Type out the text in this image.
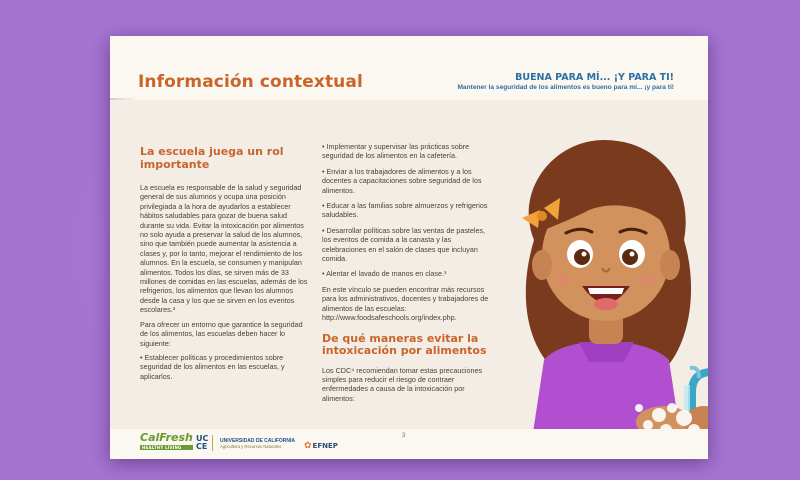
Información contextual	BUENA PARA MÍ... ¡Y PARA TI!
Mantener la seguridad de los alimentos es bueno para mí... ¡y para ti!
La escuela juega un rol importante

La escuela es responsable de la salud y seguridad general de sus alumnos y ocupa una posición privilegiada a la hora de ayudarlos a establecer hábitos saludables para gozar de buena salud durante su vida. Evitar la intoxicación por alimentos no solo ayuda a preservar la salud de los alumnos, sino que también puede aumentar la asistencia a clases y, por lo tanto, mejorar el rendimiento de los alumnos. En la escuela, se consumen y manipulan alimentos. Todos los días, se sirven más de 33 millones de comidas en las escuelas, además de los refrigerios, los alimentos que llevan los alumnos desde la casa y los que se sirven en los eventos escolares.³

Para ofrecer un entorno que garantice la seguridad de los alimentos, las escuelas deben hacer lo siguiente:

• Establecer políticas y procedimientos sobre seguridad de los alimentos en las escuelas, y aplicarlos.
• Implementar y supervisar las prácticas sobre seguridad de los alimentos en la cafetería.
• Enviar a los trabajadores de alimentos y a los docentes a capacitaciones sobre seguridad de los alimentos.
• Educar a las familias sobre almuerzos y refrigerios saludables.
• Desarrollar políticas sobre las ventas de pasteles, los eventos de comida a la canasta y las celebraciones en el salón de clases que incluyan comida.
• Alentar el lavado de manos en clase.³

En este vínculo se pueden encontrar más recursos para los administrativos, docentes y trabajadores de alimentos de las escuelas: http://www.foodsafeschools.org/index.php.

De qué maneras evitar la intoxicación por alimentos

Los CDC⁴ recomiendan tomar estas precauciones simples para reducir el riesgo de contraer enfermedades a causa de la intoxicación por alimentos:

CalFresh
HEALTHY LIVING
UC
CE
UNIVERSIDAD DE CALIFORNIA
Agricultura y Recursos Naturales	✿EFNEP
3
